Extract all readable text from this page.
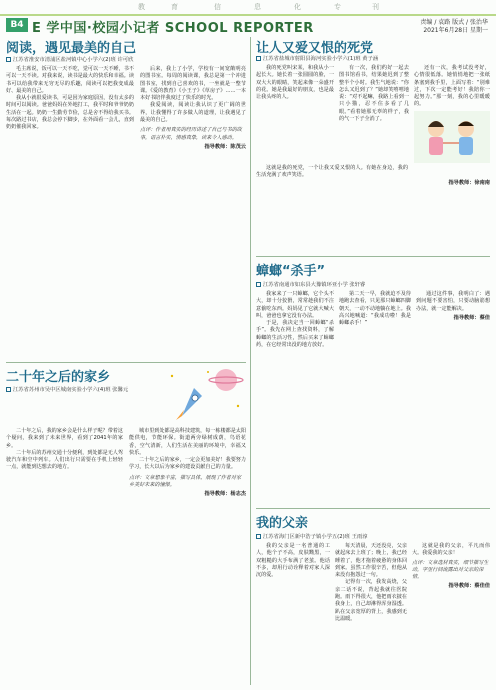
教 育	信	息	化	专	刊
B4 E 学中国·校园小记者 SCHOOL REPORTER	责编 / 袁路 版式 / 张治华
2021年6月28日 星期一
阅读，遇见最美的自己
江苏省淮安市清浦区盐河镇中心小学六(2)班 许可欣

毛主席说，饭可以一天不吃，觉可以一天不睡，书不可以一天不读。对我来说，读书是最大的快乐和幸福。读书可以给我带来无穷无尽的乐趣，阅读可以把我变成最好、最美的自己。

我从小就很爱读书，可是因为家庭原因，没有太多的时间可以阅读。爸爸妈妈在外地打工，我平时和爷爷奶奶生活在一起。奶奶一生勤劳节俭，总是舍不得给我买书。每次路过书店，我总会停下脚步，在外面看一会儿，直到奶奶催我回家。

后来，我上了小学，学校有一间宽敞明亮的图书室。每周的阅读课，我总是第一个冲进图书室，找到自己喜欢的书，一坐就是一整节课。《爱的教育》《小王子》《草房子》……一本本好书陪伴我度过了快乐的时光。

我爱阅读，阅读让我认识了更广阔的世界，让我懂得了许多做人的道理，让我遇见了最美的自己。

点评：作者用真实的经历讲述了自己与书的故事，语言朴实，情感真挚，读来令人感动。
指导教师：陈茂云
二十年之后的家乡
江苏省苏州市吴中区城南实验小学六(4)班 张馨元

二十年之后，我的家乡会是什么样子呢？带着这个疑问，我来到了未来世界，看到了2041年的家乡。

二十年后的苏州交通十分便利，到处都是无人驾驶汽车和空中列车。人们出行只需要在手机上轻轻一点，就能到达想去的地方。

城市里到处都是高科技建筑，每一栋楼都是太阳能供电，节能环保。街道两旁绿树成荫，鸟语花香，空气清新，人们生活在美丽的环境中，幸福又快乐。

二十年之后的家乡，一定会更加美好！我要努力学习，长大以后为家乡的建设贡献自己的力量。

点评：文章想象丰富，描写具体，展现了作者对家乡美好未来的憧憬。
指导教师：杨志杰
让人又爱又恨的死党
江苏省盐城市射阳县海河实验小学六(1)班 黄子涵

我的死党叫宋某，和我从小一起长大。她长着一张圆圆的脸，一双大大的眼睛，笑起来像一朵盛开的花。她是我最好的朋友，也是最让我头疼的人。

有一次，我们约好一起去图书馆看书，结果她迟到了整整半个小时。我生气地说：“你怎么又迟到了？”她却笑嘻嘻地说：“对不起嘛，我路上看到一只小猫，忍不住多看了几眼。”看着她那无辜的样子，我的气一下子全消了。

还有一次，我考试没考好，心情很低落。她悄悄地把一张纸条塞到我手里，上面写着：“别难过，下次一定能考好！我陪你一起努力。”那一刻，我的心里暖暖的。

这就是我的死党，一个让我又爱又恨的人。有她在身边，我的生活充满了欢声笑语。

指导教师：徐南南
蟑螂“杀手”
江苏省南通市如东县大豫镇环亚小学 张轩睿

我家来了一只蟑螂，它个头不大，却十分狡猾，常常趁我们不注意偷吃东西。妈妈见了它就大喊大叫，爸爸也拿它没有办法。

于是，我决定当一回蟑螂“杀手”。我先在网上查找资料，了解蟑螂的生活习性，然后买来了蟑螂药，在它经常出没的地方放好。

第二天一早，我就迫不及待地跑去查看，只见那只蟑螂四脚朝天，一动不动地躺在地上。我高兴地喊道：“我成功啦！我是蟑螂杀手！”

通过这件事，我明白了：遇到问题不要害怕，只要动脑筋想办法，就一定能解决。

指导教师：蔡佳
我的父亲
江苏省海门区新中浩子镇小学五(2)班 王雨淳

我的父亲是一名普通的工人，他个子不高，皮肤黝黑，一双粗糙的大手布满了老茧。他话不多，却用行动诠释着对家人深沉的爱。

每天清晨，天还没亮，父亲就起床去上班了；晚上，我已经睡着了，他才拖着疲惫的身体回到家。虽然工作很辛苦，但他从来没有抱怨过一句。

记得有一次，我发高烧，父亲二话不说，背起我就往医院跑。雨下得很大，他把雨衣披在我身上，自己却淋得浑身湿透。趴在父亲宽厚的背上，我感到无比温暖。

这就是我的父亲，平凡而伟大。我爱我的父亲！

点评：文章选材真实，细节描写生动，字里行间流露出对父亲的深情。
指导教师：蔡佳佳
